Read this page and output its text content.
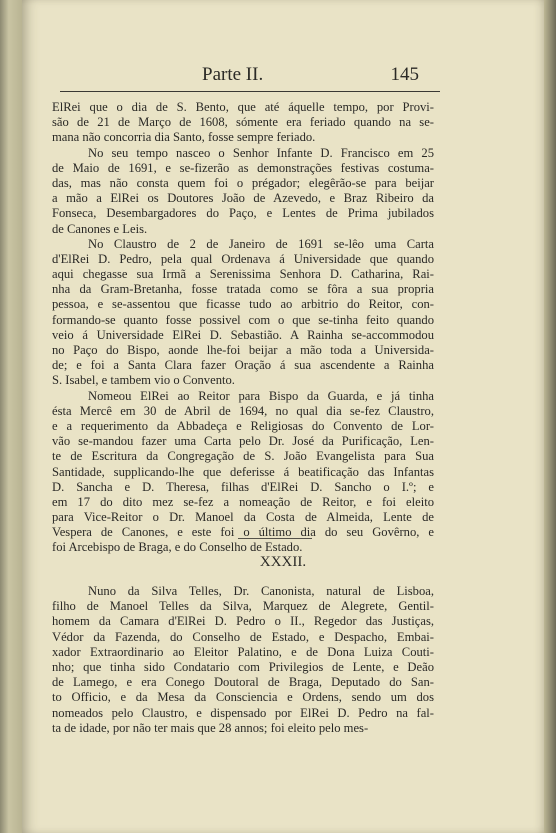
Parte II.	145
ElRei que o dia de S. Bento, que até áquelle tempo, por Provi-
são de 21 de Março de 1608, sómente era feriado quando na se-
mana não concorria dia Santo, fosse sempre feriado.
No seu tempo nasceo o Senhor Infante D. Francisco em 25
de Maio de 1691, e se-fizerão as demonstrações festivas costuma-
das, mas não consta quem foi o prégador; elegêrão-se para beijar
a mão a ElRei os Doutores João de Azevedo, e Braz Ribeiro da
Fonseca, Desembargadores do Paço, e Lentes de Prima jubilados
de Canones e Leis.
No Claustro de 2 de Janeiro de 1691 se-lêo uma Carta
d'ElRei D. Pedro, pela qual Ordenava á Universidade que quando
aqui chegasse sua Irmã a Serenissima Senhora D. Catharina, Rai-
nha da Gram-Bretanha, fosse tratada como se fôra a sua propria
pessoa, e se-assentou que ficasse tudo ao arbitrio do Reitor, con-
formando-se quanto fosse possivel com o que se-tinha feito quando
veio á Universidade ElRei D. Sebastião. A Rainha se-accommodou
no Paço do Bispo, aonde lhe-foi beijar a mão toda a Universida-
de; e foi a Santa Clara fazer Oração á sua ascendente a Rainha
S. Isabel, e tambem vio o Convento.
Nomeou ElRei ao Reitor para Bispo da Guarda, e já tinha
ésta Mercê em 30 de Abril de 1694, no qual dia se-fez Claustro,
e a requerimento da Abbadeça e Religiosas do Convento de Lor-
vão se-mandou fazer uma Carta pelo Dr. José da Purificação, Len-
te de Escritura da Congregação de S. João Evangelista para Sua
Santidade, supplicando-lhe que deferisse á beatificação das Infantas
D. Sancha e D. Theresa, filhas d'ElRei D. Sancho o I.º; e
em 17 do dito mez se-fez a nomeação de Reitor, e foi eleito
para Vice-Reitor o Dr. Manoel da Costa de Almeida, Lente de
Vespera de Canones, e este foi o último dia do seu Govêrno, e
foi Arcebispo de Braga, e do Conselho de Estado.
XXXII.
Nuno da Silva Telles, Dr. Canonista, natural de Lisboa,
filho de Manoel Telles da Silva, Marquez de Alegrete, Gentil-
homem da Camara d'ElRei D. Pedro o II., Regedor das Justiças,
Védor da Fazenda, do Conselho de Estado, e Despacho, Embai-
xador Extraordinario ao Eleitor Palatino, e de Dona Luiza Couti-
nho; que tinha sido Condatario com Privilegios de Lente, e Deão
de Lamego, e era Conego Doutoral de Braga, Deputado do San-
to Officio, e da Mesa da Consciencia e Ordens, sendo um dos
nomeados pelo Claustro, e dispensado por ElRei D. Pedro na fal-
ta de idade, por não ter mais que 28 annos; foi eleito pelo mes-
